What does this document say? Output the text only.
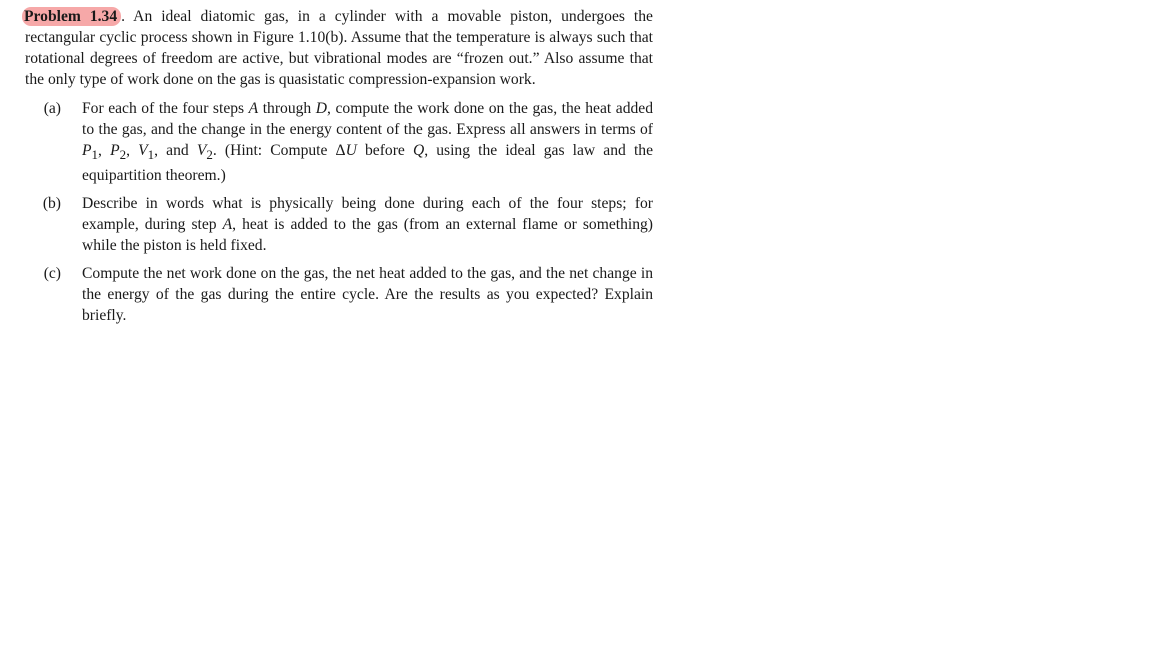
Problem 1.34 . An ideal diatomic gas, in a cylinder with a movable piston, undergoes the rectangular cyclic process shown in Figure 1.10(b). Assume that the temperature is always such that rotational degrees of freedom are active, but vibrational modes are “frozen out.” Also assume that the only type of work done on the gas is quasistatic compression-expansion work.

(a)	For each of the four steps A through D, compute the work done on the gas, the heat added to the gas, and the change in the energy content of the gas. Express all answers in terms of $P_1$, $P_2$, $V_1$, and $V_2$. (Hint: Compute ΔU before Q, using the ideal gas law and the equipartition theorem.)
(b)	Describe in words what is physically being done during each of the four steps; for example, during step A, heat is added to the gas (from an external flame or something) while the piston is held fixed.
(c)	Compute the net work done on the gas, the net heat added to the gas, and the net change in the energy of the gas during the entire cycle. Are the results as you expected? Explain briefly.
